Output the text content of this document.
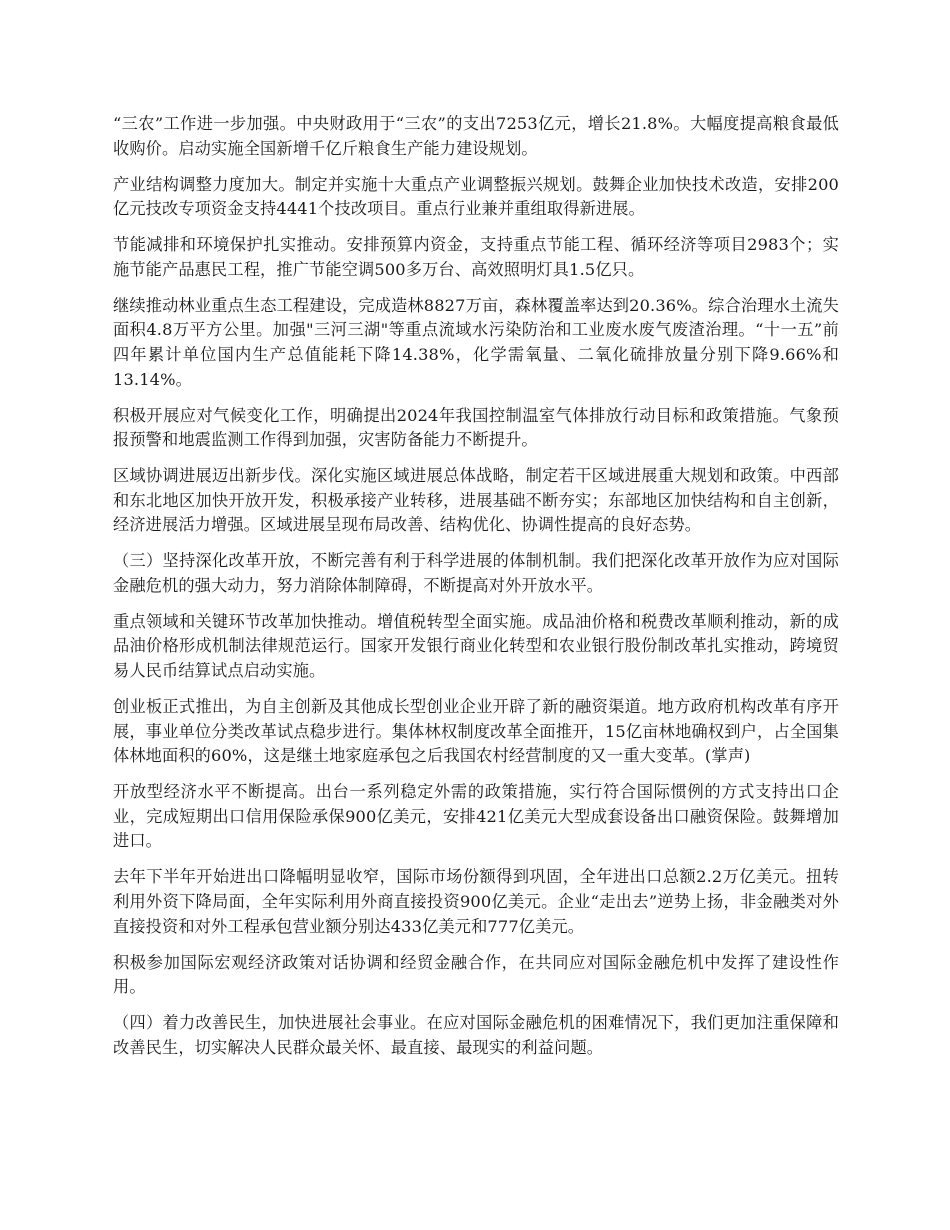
“三农”工作进一步加强。中央财政用于“三农”的支出7253亿元，增长21.8%。大幅度提高粮食最低收购价。启动实施全国新增千亿斤粮食生产能力建设规划。

产业结构调整力度加大。制定并实施十大重点产业调整振兴规划。鼓舞企业加快技术改造，安排200亿元技改专项资金支持4441个技改项目。重点行业兼并重组取得新进展。

节能减排和环境保护扎实推动。安排预算内资金，支持重点节能工程、循环经济等项目2983个；实施节能产品惠民工程，推广节能空调500多万台、高效照明灯具1.5亿只。

继续推动林业重点生态工程建设，完成造林8827万亩，森林覆盖率达到20.36%。综合治理水土流失面积4.8万平方公里。加强"三河三湖"等重点流域水污染防治和工业废水废气废渣治理。“十一五”前四年累计单位国内生产总值能耗下降14.38%，化学需氧量、二氧化硫排放量分别下降9.66%和13.14%。

积极开展应对气候变化工作，明确提出2024年我国控制温室气体排放行动目标和政策措施。气象预报预警和地震监测工作得到加强，灾害防备能力不断提升。

区域协调进展迈出新步伐。深化实施区域进展总体战略，制定若干区域进展重大规划和政策。中西部和东北地区加快开放开发，积极承接产业转移，进展基础不断夯实；东部地区加快结构和自主创新，经济进展活力增强。区域进展呈现布局改善、结构优化、协调性提高的良好态势。

（三）坚持深化改革开放，不断完善有利于科学进展的体制机制。我们把深化改革开放作为应对国际金融危机的强大动力，努力消除体制障碍，不断提高对外开放水平。

重点领域和关键环节改革加快推动。增值税转型全面实施。成品油价格和税费改革顺利推动，新的成品油价格形成机制法律规范运行。国家开发银行商业化转型和农业银行股份制改革扎实推动，跨境贸易人民币结算试点启动实施。

创业板正式推出，为自主创新及其他成长型创业企业开辟了新的融资渠道。地方政府机构改革有序开展，事业单位分类改革试点稳步进行。集体林权制度改革全面推开，15亿亩林地确权到户，占全国集体林地面积的60%，这是继土地家庭承包之后我国农村经营制度的又一重大变革。(掌声)

开放型经济水平不断提高。出台一系列稳定外需的政策措施，实行符合国际惯例的方式支持出口企业，完成短期出口信用保险承保900亿美元，安排421亿美元大型成套设备出口融资保险。鼓舞增加进口。

去年下半年开始进出口降幅明显收窄，国际市场份额得到巩固，全年进出口总额2.2万亿美元。扭转利用外资下降局面，全年实际利用外商直接投资900亿美元。企业“走出去”逆势上扬，非金融类对外直接投资和对外工程承包营业额分别达433亿美元和777亿美元。

积极参加国际宏观经济政策对话协调和经贸金融合作，在共同应对国际金融危机中发挥了建设性作用。

（四）着力改善民生，加快进展社会事业。在应对国际金融危机的困难情况下，我们更加注重保障和改善民生，切实解决人民群众最关怀、最直接、最现实的利益问题。
